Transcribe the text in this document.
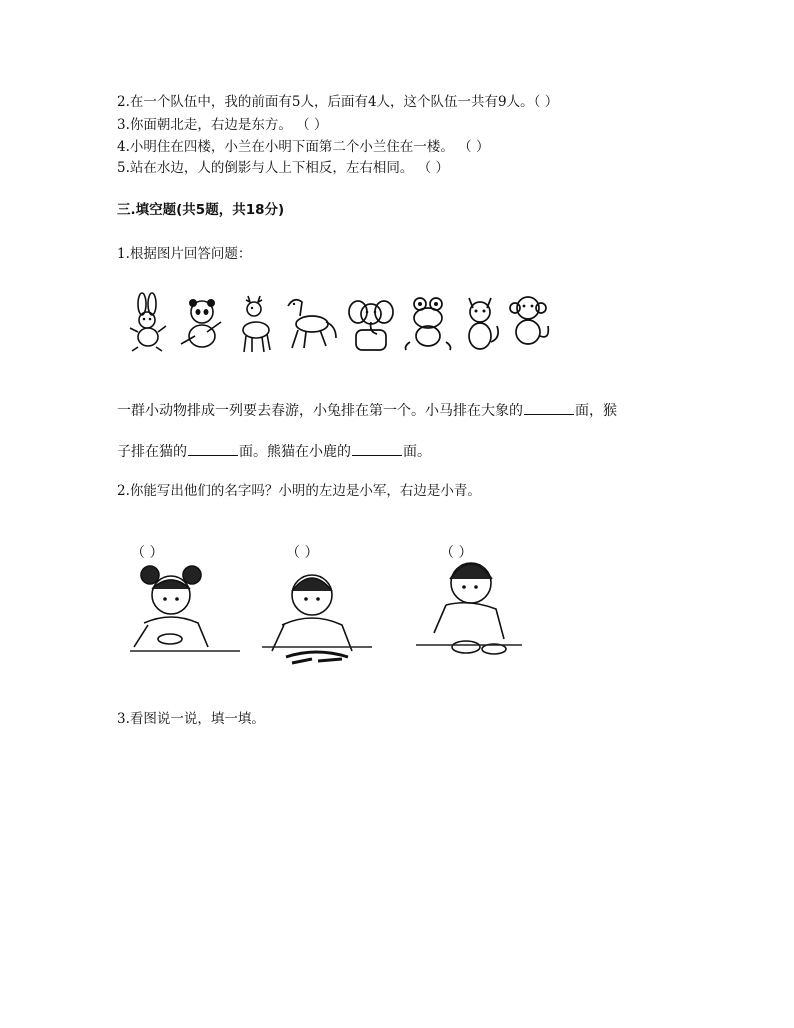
2.在一个队伍中，我的前面有5人，后面有4人，这个队伍一共有9人。（ ）
3.你面朝北走，右边是东方。 （ ）
4.小明住在四楼，小兰在小明下面第二个小兰住在一楼。 （ ）
5.站在水边，人的倒影与人上下相反，左右相同。 （ ）
三.填空题(共5题，共18分)
1.根据图片回答问题：
一群小动物排成一列要去春游，小兔排在第一个。小马排在大象的	面，猴
子排在猫的	面。熊猫在小鹿的	面。
2.你能写出他们的名字吗？小明的左边是小军，右边是小青。
（ ）	（ ）	（ ）
3.看图说一说，填一填。
